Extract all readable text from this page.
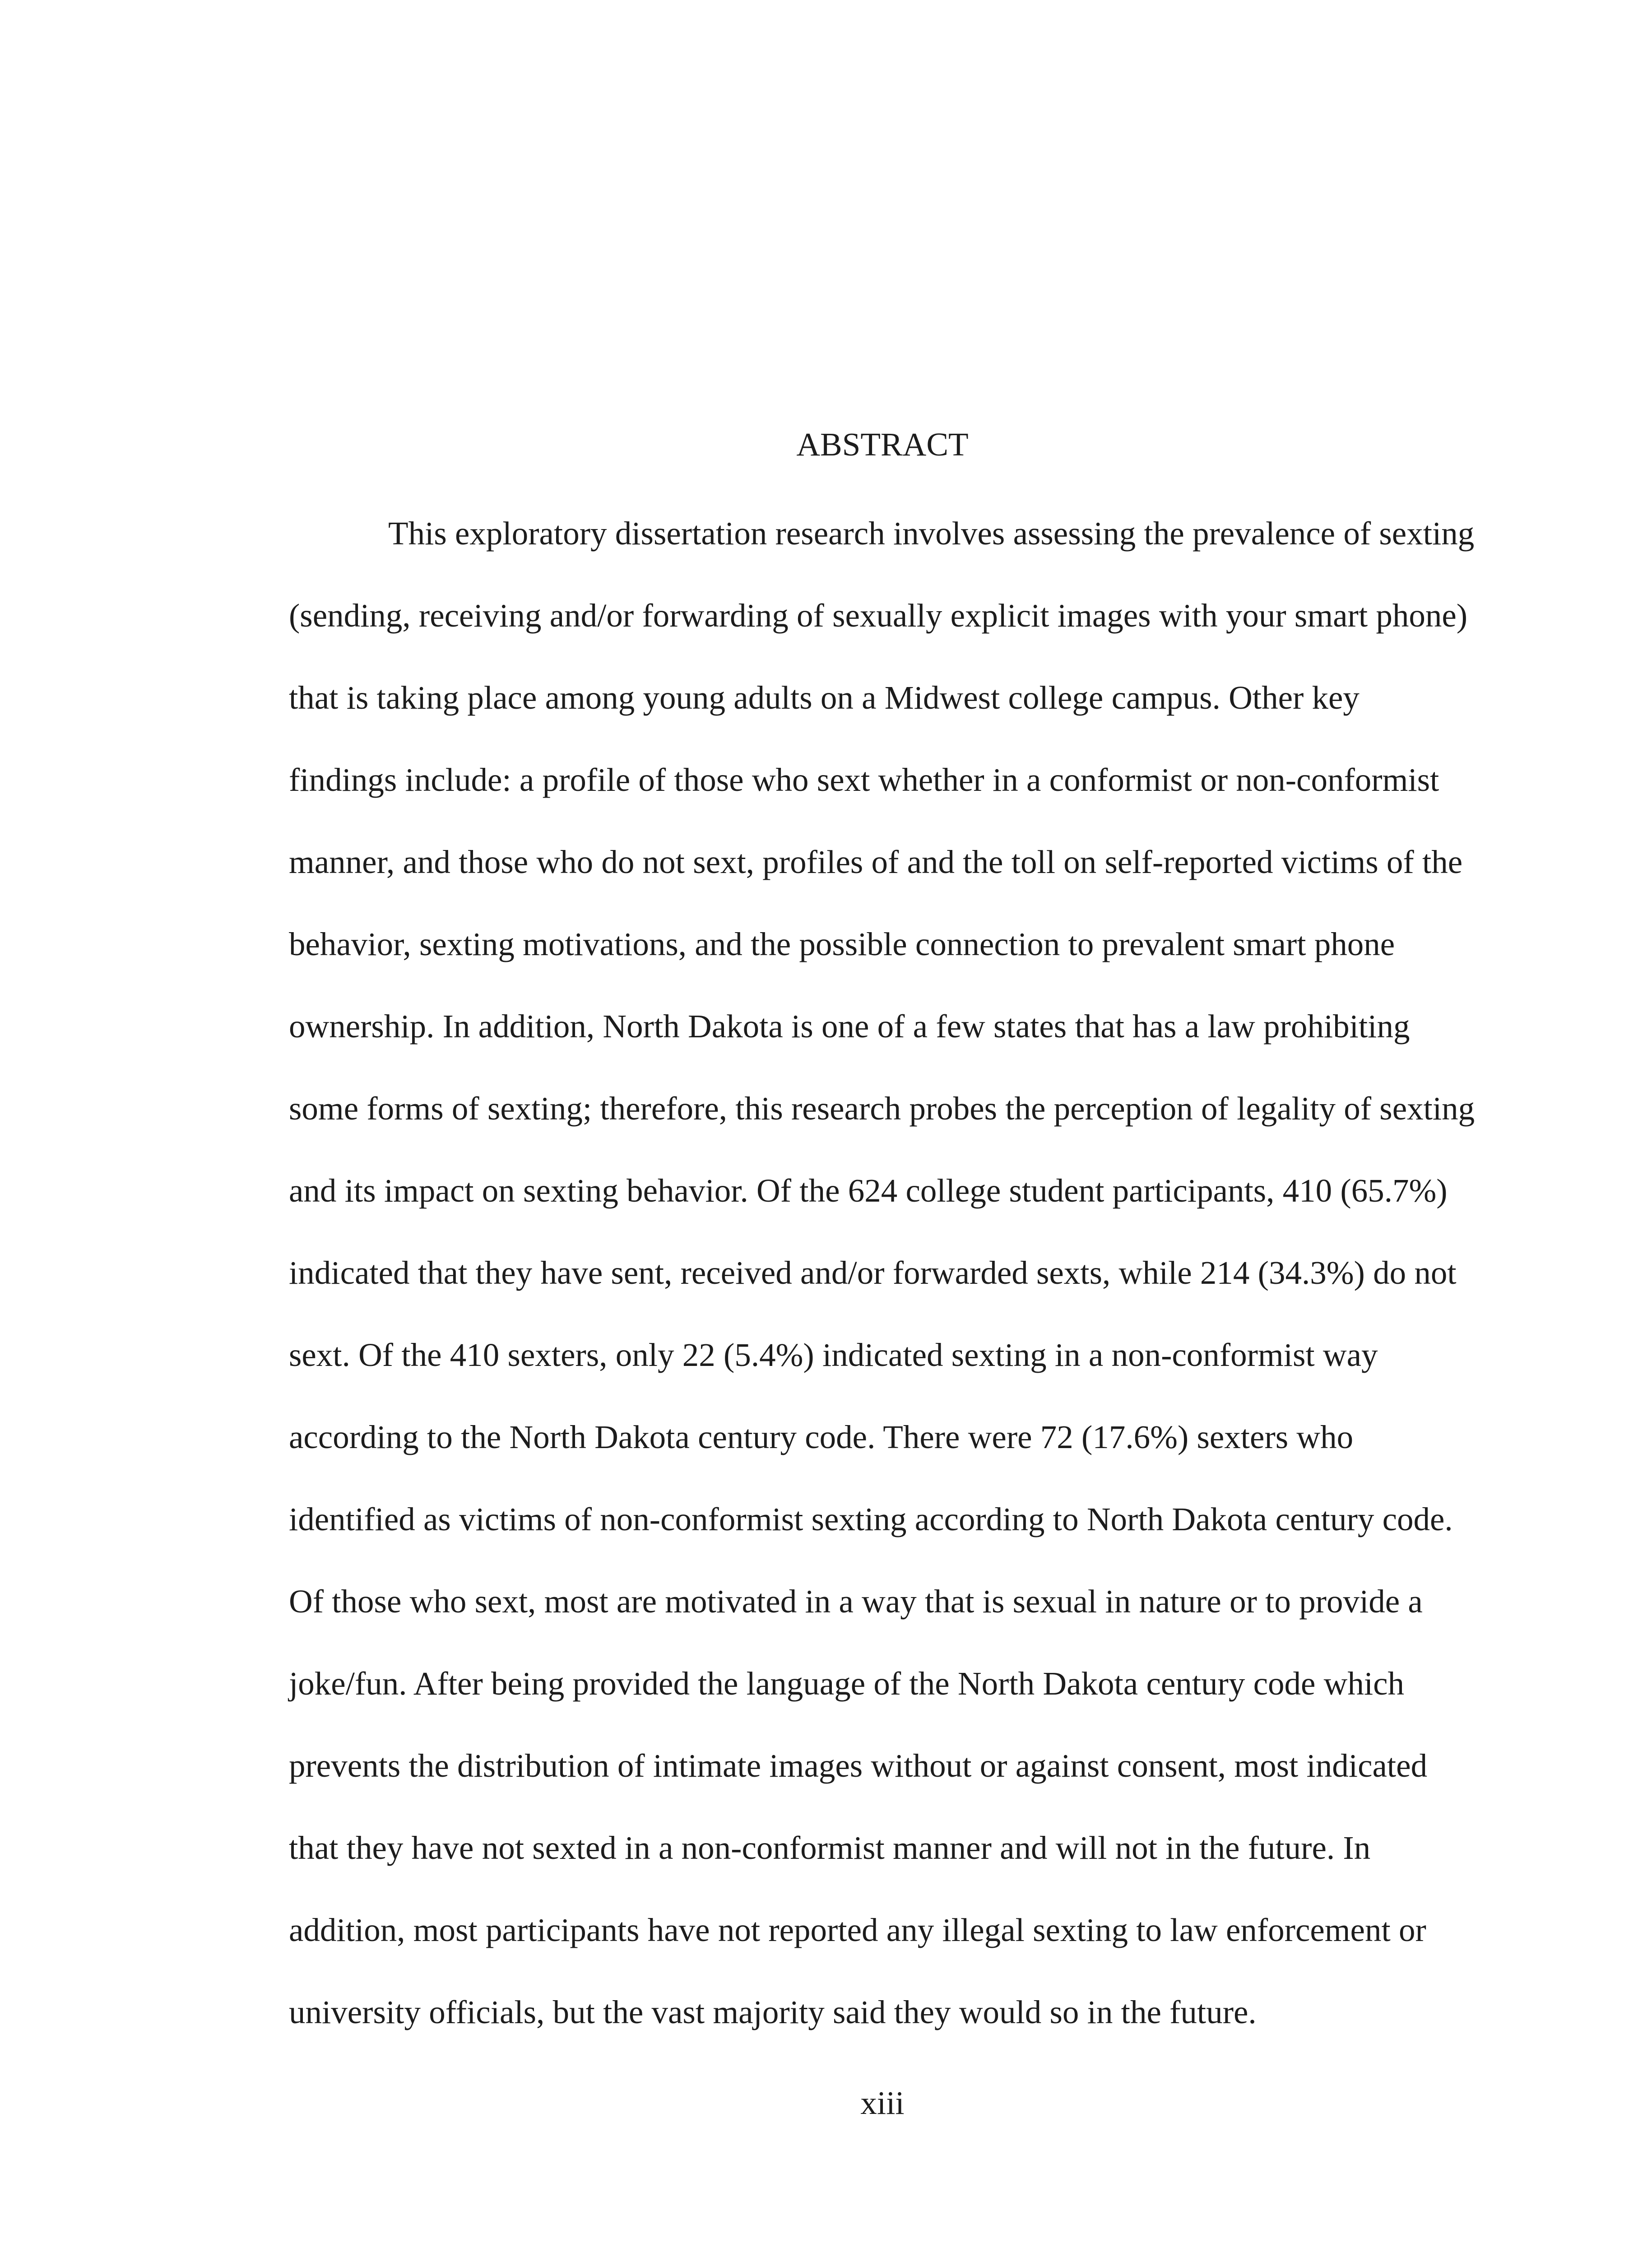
ABSTRACT
This exploratory dissertation research involves assessing the prevalence of sexting
(sending, receiving and/or forwarding of sexually explicit images with your smart phone)
that is taking place among young adults on a Midwest college campus. Other key
findings include: a profile of those who sext whether in a conformist or non-conformist
manner, and those who do not sext, profiles of and the toll on self-reported victims of the
behavior, sexting motivations, and the possible connection to prevalent smart phone
ownership. In addition, North Dakota is one of a few states that has a law prohibiting
some forms of sexting; therefore, this research probes the perception of legality of sexting
and its impact on sexting behavior. Of the 624 college student participants, 410 (65.7%)
indicated that they have sent, received and/or forwarded sexts, while 214 (34.3%) do not
sext. Of the 410 sexters, only 22 (5.4%) indicated sexting in a non-conformist way
according to the North Dakota century code. There were 72 (17.6%) sexters who
identified as victims of non-conformist sexting according to North Dakota century code.
Of those who sext, most are motivated in a way that is sexual in nature or to provide a
joke/fun. After being provided the language of the North Dakota century code which
prevents the distribution of intimate images without or against consent, most indicated
that they have not sexted in a non-conformist manner and will not in the future. In
addition, most participants have not reported any illegal sexting to law enforcement or
university officials, but the vast majority said they would so in the future.
xiii
